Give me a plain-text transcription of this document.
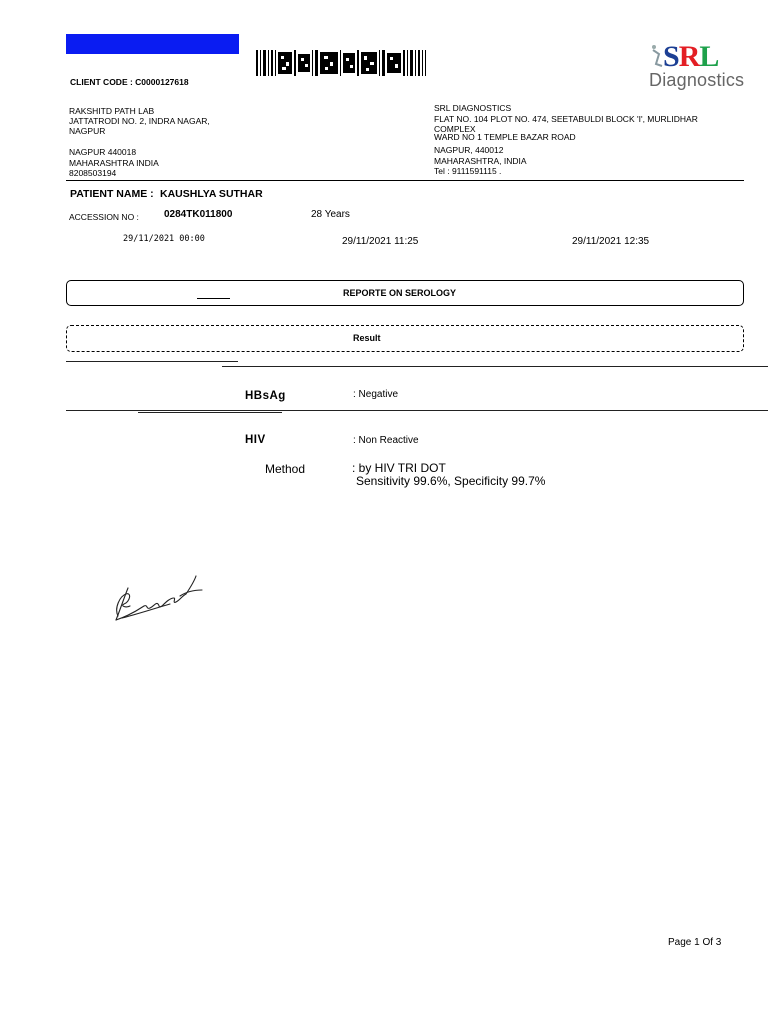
SRL
Diagnostics
CLIENT CODE : C0000127618
RAKSHITD PATH LAB
JATTATRODI NO. 2, INDRA NAGAR,
NAGPUR
NAGPUR 440018
MAHARASHTRA INDIA
8208503194
SRL DIAGNOSTICS
FLAT NO. 104 PLOT NO. 474, SEETABULDI BLOCK 'I', MURLIDHAR
COMPLEX
WARD NO 1 TEMPLE BAZAR ROAD
NAGPUR, 440012
MAHARASHTRA, INDIA
Tel : 9111591115 .
PATIENT NAME : KAUSHLYA SUTHAR
ACCESSION NO :	0284TK011800	28 Years
29/11/2021 00:00	29/11/2021 11:25	29/11/2021 12:35
REPORTE ON SEROLOGY
Result
HBsAg	: Negative
HIV	: Non Reactive
Method	: by HIV TRI DOT
Sensitivity 99.6%, Specificity 99.7%
Page 1 Of 3
